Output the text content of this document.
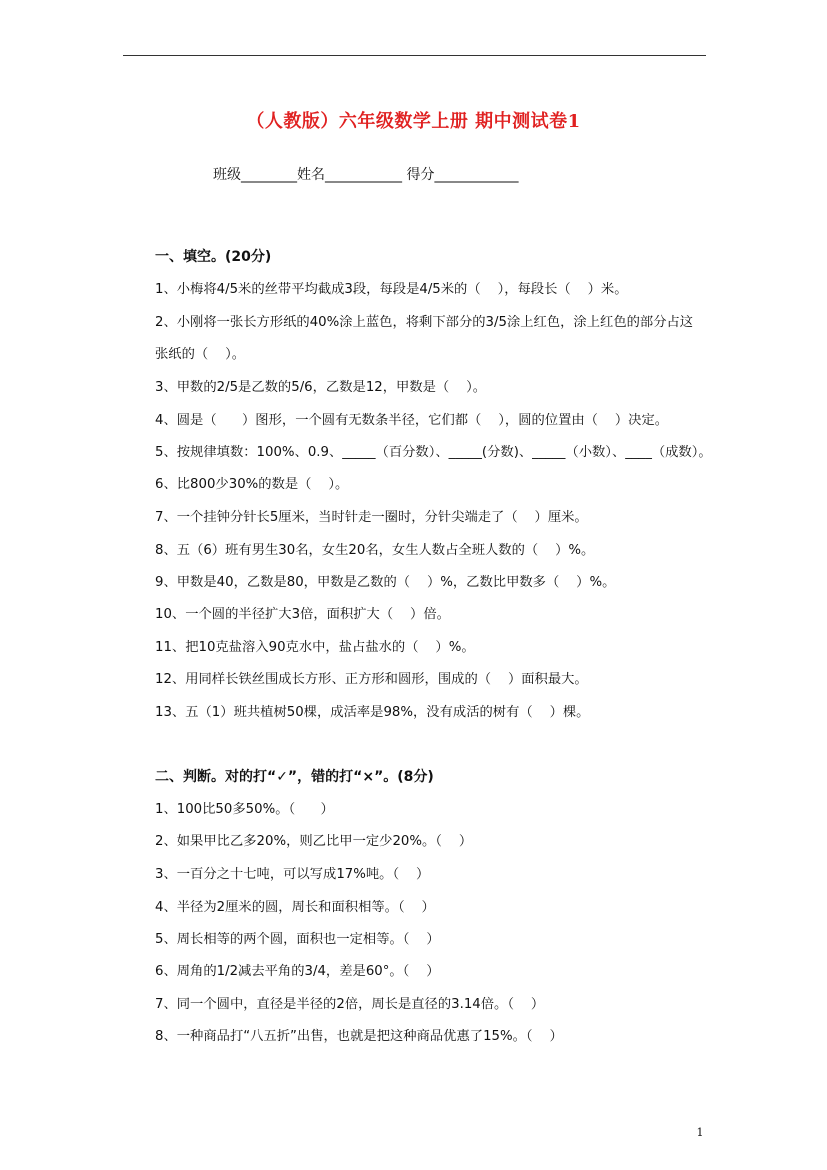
（人教版）六年级数学上册 期中测试卷1
班级________姓名___________ 得分____________
一、填空。(20分)
1、小梅将4/5米的丝带平均截成3段，每段是4/5米的（    ），每段长（    ）米。
2、小刚将一张长方形纸的40%涂上蓝色，将剩下部分的3/5涂上红色，涂上红色的部分占这
张纸的（    ）。
3、甲数的2/5是乙数的5/6，乙数是12，甲数是（    ）。
4、圆是（      ）图形，一个圆有无数条半径，它们都（    ），圆的位置由（    ）决定。
5、按规律填数：100%、0.9、_____（百分数）、_____(分数)、_____（小数）、____（成数）。
6、比800少30%的数是（    ）。
7、一个挂钟分针长5厘米，当时针走一圈时，分针尖端走了（    ）厘米。
8、五（6）班有男生30名，女生20名，女生人数占全班人数的（    ）%。
9、甲数是40，乙数是80，甲数是乙数的（    ）%，乙数比甲数多（    ）%。
10、一个圆的半径扩大3倍，面积扩大（    ）倍。
11、把10克盐溶入90克水中，盐占盐水的（    ）%。
12、用同样长铁丝围成长方形、正方形和圆形，围成的（    ）面积最大。
13、五（1）班共植树50棵，成活率是98%，没有成活的树有（    ）棵。
二、判断。对的打“✓”，错的打“×”。(8分)
1、100比50多50%。（      ）
2、如果甲比乙多20%，则乙比甲一定少20%。（    ）
3、一百分之十七吨，可以写成17%吨。（    ）
4、半径为2厘米的圆，周长和面积相等。（    ）
5、周长相等的两个圆，面积也一定相等。（    ）
6、周角的1/2减去平角的3/4，差是60°。（    ）
7、同一个圆中，直径是半径的2倍，周长是直径的3.14倍。（    ）
8、一种商品打“八五折”出售，也就是把这种商品优惠了15%。（    ）
1
